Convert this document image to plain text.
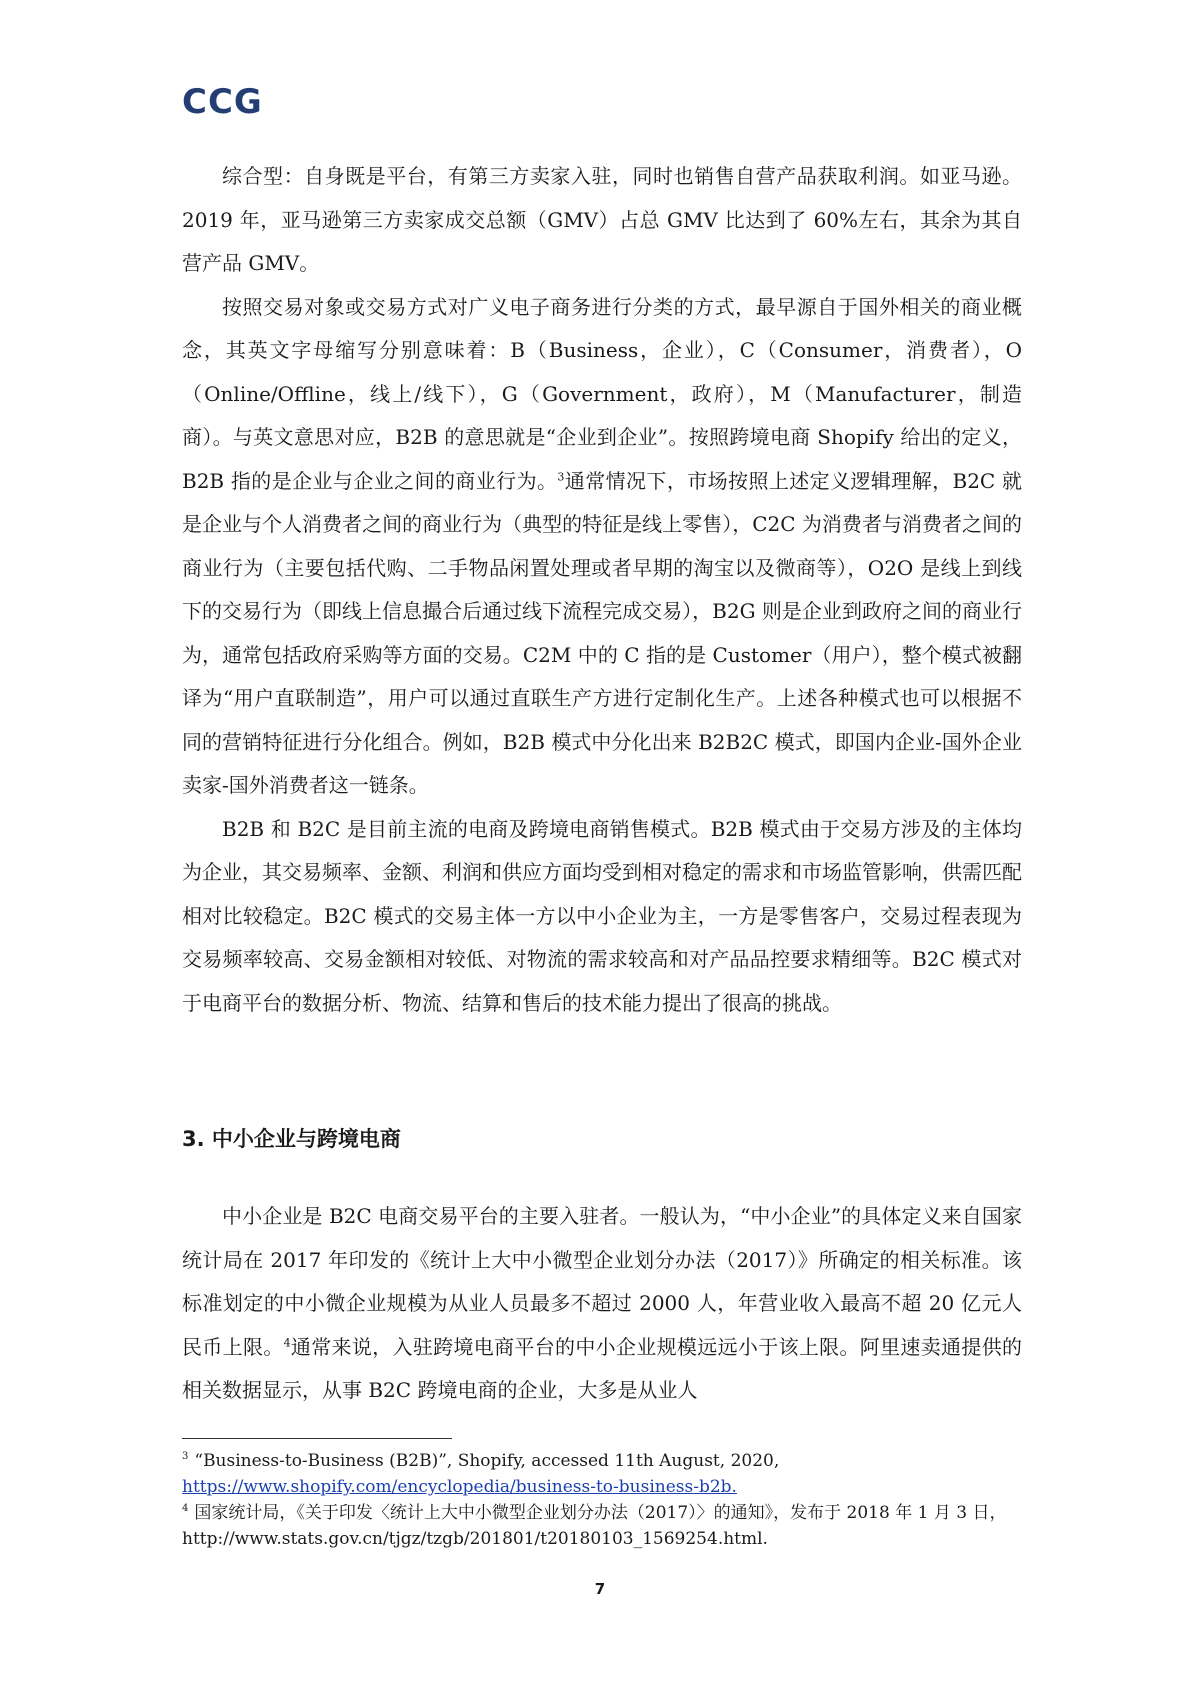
CCG

综合型：自身既是平台，有第三方卖家入驻，同时也销售自营产品获取利润。如亚马逊。2019 年，亚马逊第三方卖家成交总额（GMV）占总 GMV 比达到了 60%左右，其余为其自营产品 GMV。

按照交易对象或交易方式对广义电子商务进行分类的方式，最早源自于国外相关的商业概念，其英文字母缩写分别意味着：B（Business，企业），C（Consumer，消费者），O（Online/Offline，线上/线下），G（Government，政府），M（Manufacturer，制造商）。与英文意思对应，B2B 的意思就是“企业到企业”。按照跨境电商 Shopify 给出的定义，B2B 指的是企业与企业之间的商业行为。$^3$通常情况下，市场按照上述定义逻辑理解，B2C 就是企业与个人消费者之间的商业行为（典型的特征是线上零售），C2C 为消费者与消费者之间的商业行为（主要包括代购、二手物品闲置处理或者早期的淘宝以及微商等），O2O 是线上到线下的交易行为（即线上信息撮合后通过线下流程完成交易），B2G 则是企业到政府之间的商业行为，通常包括政府采购等方面的交易。C2M 中的 C 指的是 Customer（用户），整个模式被翻译为“用户直联制造”，用户可以通过直联生产方进行定制化生产。上述各种模式也可以根据不同的营销特征进行分化组合。例如，B2B 模式中分化出来 B2B2C 模式，即国内企业-国外企业卖家-国外消费者这一链条。

B2B 和 B2C 是目前主流的电商及跨境电商销售模式。B2B 模式由于交易方涉及的主体均为企业，其交易频率、金额、利润和供应方面均受到相对稳定的需求和市场监管影响，供需匹配相对比较稳定。B2C 模式的交易主体一方以中小企业为主，一方是零售客户，交易过程表现为交易频率较高、交易金额相对较低、对物流的需求较高和对产品品控要求精细等。B2C 模式对于电商平台的数据分析、物流、结算和售后的技术能力提出了很高的挑战。

3. 中小企业与跨境电商

中小企业是 B2C 电商交易平台的主要入驻者。一般认为，“中小企业”的具体定义来自国家统计局在 2017 年印发的《统计上大中小微型企业划分办法（2017）》所确定的相关标准。该标准划定的中小微企业规模为从业人员最多不超过 2000 人，年营业收入最高不超 20 亿元人民币上限。$^4$通常来说，入驻跨境电商平台的中小企业规模远远小于该上限。阿里速卖通提供的相关数据显示，从事 B2C 跨境电商的企业，大多是从业人

$^3$ “Business-to-Business (B2B)”, Shopify, accessed 11th August, 2020,
https://www.shopify.com/encyclopedia/business-to-business-b2b.

$^4$ 国家统计局，《关于印发〈统计上大中小微型企业划分办法（2017）〉的通知》，发布于 2018 年 1 月 3 日，http://www.stats.gov.cn/tjgz/tzgb/201801/t20180103_1569254.html.

7
